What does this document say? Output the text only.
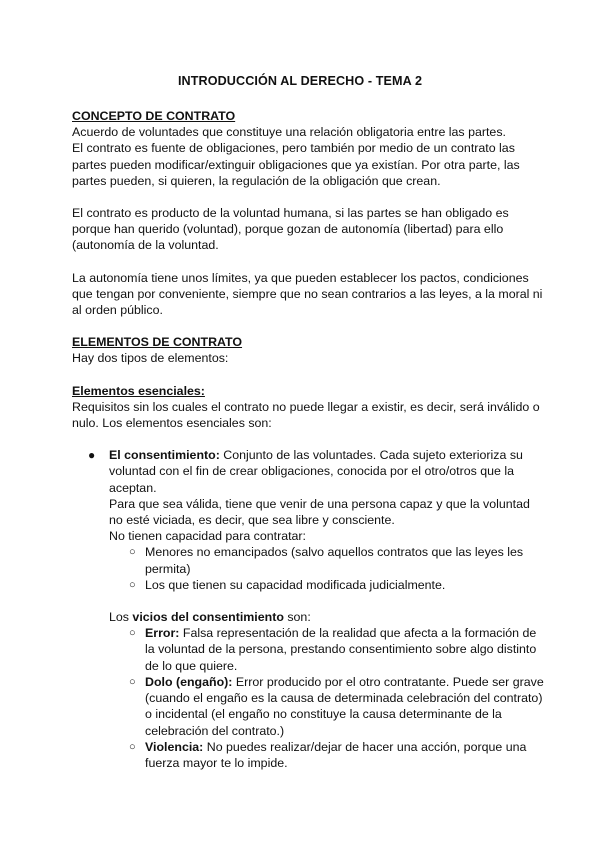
INTRODUCCIÓN AL DERECHO - TEMA 2

CONCEPTO DE CONTRATO

Acuerdo de voluntades que constituye una relación obligatoria entre las partes.

El contrato es fuente de obligaciones, pero también por medio de un contrato las partes pueden modificar/extinguir obligaciones que ya existían. Por otra parte, las partes pueden, si quieren, la regulación de la obligación que crean.

El contrato es producto de la voluntad humana, si las partes se han obligado es porque han querido (voluntad), porque gozan de autonomía (libertad) para ello (autonomía de la voluntad.

La autonomía tiene unos límites, ya que pueden establecer los pactos, condiciones que tengan por conveniente, siempre que no sean contrarios a las leyes, a la moral ni al orden público.

ELEMENTOS DE CONTRATO

Hay dos tipos de elementos:

Elementos esenciales:

Requisitos sin los cuales el contrato no puede llegar a existir, es decir, será inválido o nulo. Los elementos esenciales son:

● El consentimiento: Conjunto de las voluntades. Cada sujeto exterioriza su voluntad con el fin de crear obligaciones, conocida por el otro/otros que la aceptan.

Para que sea válida, tiene que venir de una persona capaz y que la voluntad no esté viciada, es decir, que sea libre y consciente.

No tienen capacidad para contratar:

○ Menores no emancipados (salvo aquellos contratos que las leyes les permita)

○ Los que tienen su capacidad modificada judicialmente.

Los vicios del consentimiento son:

○ Error: Falsa representación de la realidad que afecta a la formación de la voluntad de la persona, prestando consentimiento sobre algo distinto de lo que quiere.

○ Dolo (engaño): Error producido por el otro contratante. Puede ser grave (cuando el engaño es la causa de determinada celebración del contrato) o incidental (el engaño no constituye la causa determinante de la celebración del contrato.)

○ Violencia: No puedes realizar/dejar de hacer una acción, porque una fuerza mayor te lo impide.
